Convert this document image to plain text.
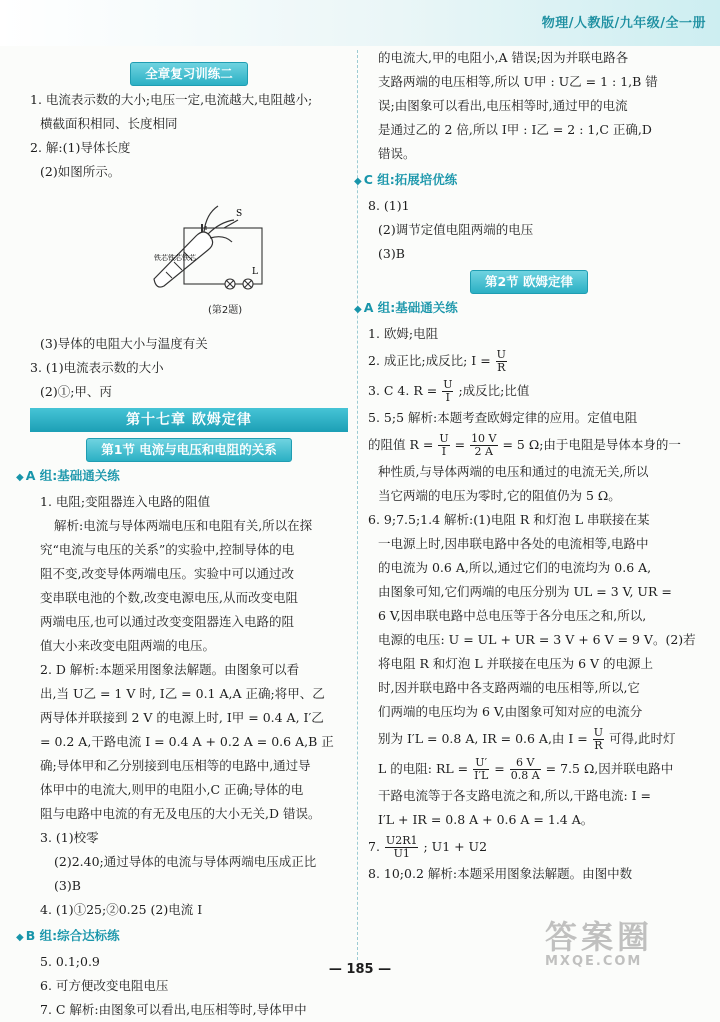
物理/人教版/九年级/全一册
全章复习训练二

1. 电流表示数的大小;电压一定,电流越大,电阻越小;

横截面积相同、长度相同

2. 解:(1)导体长度

(2)如图所示。

S
L
铁芯铁芯铁芯
(第2题)

(3)导体的电阻大小与温度有关

3. (1)电流表示数的大小

(2)①;甲、丙

第十七章 欧姆定律
第1节 电流与电压和电阻的关系
◆ A 组:基础通关练

1. 电阻;变阻器连入电路的阻值

解析:电流与导体两端电压和电阻有关,所以在探

究“电流与电压的关系”的实验中,控制导体的电

阻不变,改变导体两端电压。实验中可以通过改

变串联电池的个数,改变电源电压,从而改变电阻

两端电压,也可以通过改变变阻器连入电路的阻

值大小来改变电阻两端的电压。

2. D 解析:本题采用图象法解题。由图象可以看

出,当 U乙 = 1 V 时, I乙 = 0.1 A,A 正确;将甲、乙

两导体并联接到 2 V 的电源上时, I甲 = 0.4 A, I′乙

= 0.2 A,干路电流 I = 0.4 A + 0.2 A = 0.6 A,B 正

确;导体甲和乙分别接到电压相等的电路中,通过导

体甲中的电流大,则甲的电阻小,C 正确;导体的电

阻与电路中电流的有无及电压的大小无关,D 错误。

3. (1)校零

(2)2.40;通过导体的电流与导体两端电压成正比

(3)B

4. (1)①25;②0.25 (2)电流 I

◆ B 组:综合达标练

5. 0.1;0.9

6. 可方便改变电阻电压

7. C 解析:由图象可以看出,电压相等时,导体甲中

的电流大,甲的电阻小,A 错误;因为并联电路各

支路两端的电压相等,所以 U甲 : U乙 = 1 : 1,B 错

误;由图象可以看出,电压相等时,通过甲的电流

是通过乙的 2 倍,所以 I甲 : I乙 = 2 : 1,C 正确,D

错误。

◆ C 组:拓展培优练

8. (1)1

(2)调节定值电阻两端的电压

(3)B

第2节 欧姆定律
◆ A 组:基础通关练

1. 欧姆;电阻

2. 成正比;成反比; $I = \frac{U}{R}$

3. C 4. $R = \frac{U}{I}$ ;成反比;比值

5. 5;5 解析:本题考查欧姆定律的应用。定值电阻

的阻值 $R = \frac{U}{I} = \frac{10 V}{2 A} = 5$ Ω;由于电阻是导体本身的一

种性质,与导体两端的电压和通过的电流无关,所以

当它两端的电压为零时,它的阻值仍为 5 Ω。

6. 9;7.5;1.4 解析:(1)电阻 R 和灯泡 L 串联接在某

一电源上时,因串联电路中各处的电流相等,电路中

的电流为 0.6 A,所以,通过它们的电流均为 0.6 A,

由图象可知,它们两端的电压分别为 UL = 3 V, UR =

6 V,因串联电路中总电压等于各分电压之和,所以,

电源的电压: U = UL + UR = 3 V + 6 V = 9 V。(2)若

将电阻 R 和灯泡 L 并联接在电压为 6 V 的电源上

时,因并联电路中各支路两端的电压相等,所以,它

们两端的电压均为 6 V,由图象可知对应的电流分

别为 I′L = 0.8 A, IR = 0.6 A,由 $I = \frac{U}{R}$ 可得,此时灯

L 的电阻: RL = $\frac{U'}{I'L} = \frac{6 V}{0.8 A} = 7.5$ Ω,因并联电路中

干路电流等于各支路电流之和,所以,干路电流: I =

I′L + IR = 0.8 A + 0.6 A = 1.4 A。

7. $\frac{U2R1}{U1}$ ; U1 + U2

8. 10;0.2 解析:本题采用图象法解题。由图中数

— 185 —
答案圈
MXQE.COM
